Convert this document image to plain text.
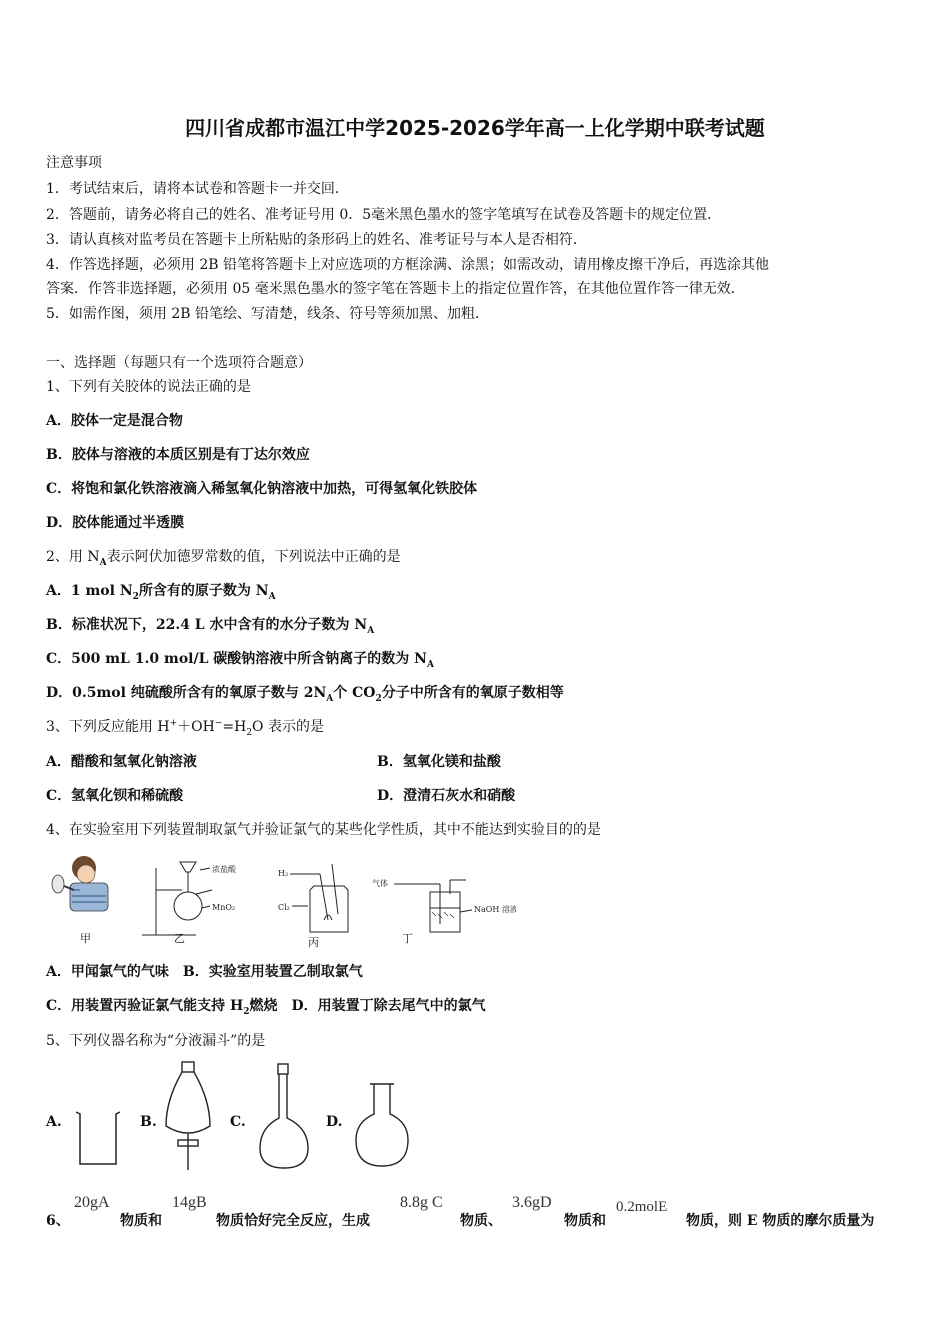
四川省成都市温江中学2025-2026学年高一上化学期中联考试题
注意事项
1．考试结束后，请将本试卷和答题卡一并交回．
2．答题前，请务必将自己的姓名、准考证号用 0．5毫米黑色墨水的签字笔填写在试卷及答题卡的规定位置．
3．请认真核对监考员在答题卡上所粘贴的条形码上的姓名、准考证号与本人是否相符．
4．作答选择题，必须用 2B 铅笔将答题卡上对应选项的方框涂满、涂黑；如需改动，请用橡皮擦干净后，再选涂其他
答案．作答非选择题，必须用 05 毫米黑色墨水的签字笔在答题卡上的指定位置作答，在其他位置作答一律无效．
5．如需作图，须用 2B 铅笔绘、写清楚，线条、符号等须加黑、加粗．
一、选择题（每题只有一个选项符合题意）
1、下列有关胶体的说法正确的是
A．胶体一定是混合物
B．胶体与溶液的本质区别是有丁达尔效应
C．将饱和氯化铁溶液滴入稀氢氧化钠溶液中加热，可得氢氧化铁胶体
D．胶体能通过半透膜
2、用 $N_A$表示阿伏加德罗常数的值，下列说法中正确的是
A．1 mol $N_2$所含有的原子数为 $N_A$
B．标准状况下，22.4 L 水中含有的水分子数为 $N_A$
C．500 mL 1.0 mol/L 碳酸钠溶液中所含钠离子的数为 $N_A$
D．0.5mol 纯硫酸所含有的氧原子数与 $2N_A$个 $CO_2$分子中所含有的氧原子数相等
3、下列反应能用 $H^++OH^-=H_2O$ 表示的是
A．醋酸和氢氧化钠溶液	B．氢氧化镁和盐酸
C．氢氧化钡和稀硫酸	D．澄清石灰水和硝酸
4、在实验室用下列装置制取氯气并验证氯气的某些化学性质，其中不能达到实验目的的是
浓盐酸
MnO₂
H₂
Cl₂
气体
NaOH 溶液
甲	乙	丙	丁
A．甲闻氯气的气味　B．实验室用装置乙制取氯气
C．用装置丙验证氯气能支持 $H_2$燃烧　D．用装置丁除去尾气中的氯气
5、下列仪器名称为“分液漏斗”的是
A.	B.	C.	D.
6、
20gA
物质和
14gB
物质恰好完全反应，生成
8.8g C
物质、
3.6gD
物质和
0.2molE
物质，则 E 物质的摩尔质量为
